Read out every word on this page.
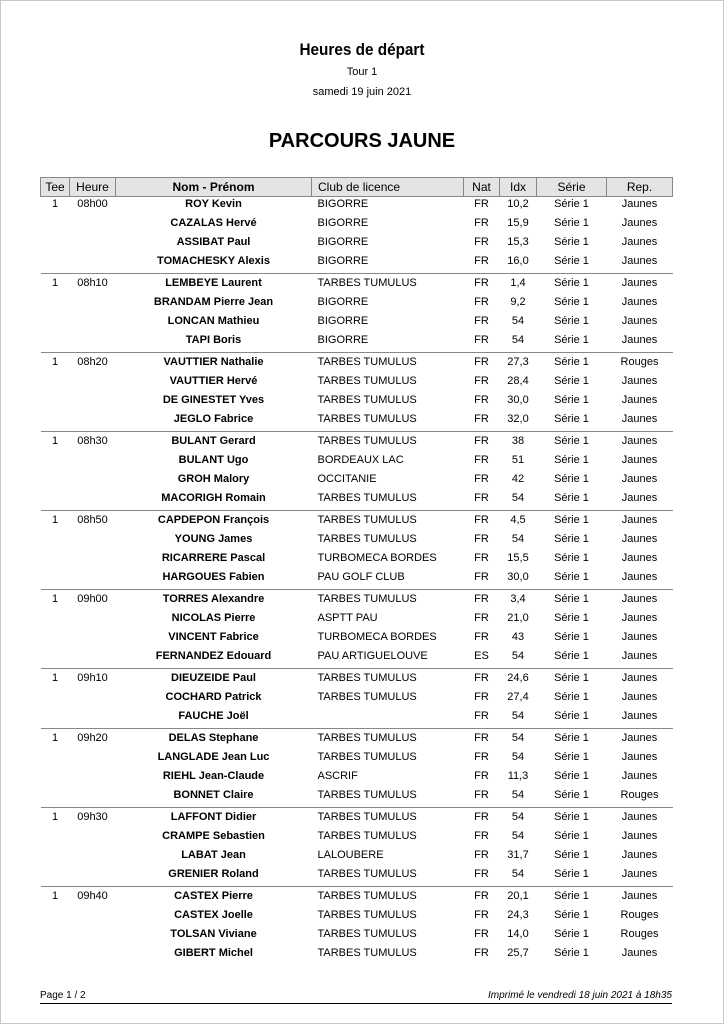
Heures de départ
Tour 1
samedi 19 juin 2021
PARCOURS JAUNE
Tee	Heure	Nom - Prénom	Club de licence	Nat	Idx	Série	Rep.
1	08h00	ROY Kevin	BIGORRE	FR	10,2	Série 1	Jaunes
		CAZALAS Hervé	BIGORRE	FR	15,9	Série 1	Jaunes
		ASSIBAT Paul	BIGORRE	FR	15,3	Série 1	Jaunes
		TOMACHESKY Alexis	BIGORRE	FR	16,0	Série 1	Jaunes
1	08h10	LEMBEYE Laurent	TARBES TUMULUS	FR	1,4	Série 1	Jaunes
		BRANDAM Pierre Jean	BIGORRE	FR	9,2	Série 1	Jaunes
		LONCAN Mathieu	BIGORRE	FR	54	Série 1	Jaunes
		TAPI Boris	BIGORRE	FR	54	Série 1	Jaunes
1	08h20	VAUTTIER Nathalie	TARBES TUMULUS	FR	27,3	Série 1	Rouges
		VAUTTIER Hervé	TARBES TUMULUS	FR	28,4	Série 1	Jaunes
		DE GINESTET Yves	TARBES TUMULUS	FR	30,0	Série 1	Jaunes
		JEGLO Fabrice	TARBES TUMULUS	FR	32,0	Série 1	Jaunes
1	08h30	BULANT Gerard	TARBES TUMULUS	FR	38	Série 1	Jaunes
		BULANT Ugo	BORDEAUX LAC	FR	51	Série 1	Jaunes
		GROH Malory	OCCITANIE	FR	42	Série 1	Jaunes
		MACORIGH Romain	TARBES TUMULUS	FR	54	Série 1	Jaunes
1	08h50	CAPDEPON François	TARBES TUMULUS	FR	4,5	Série 1	Jaunes
		YOUNG James	TARBES TUMULUS	FR	54	Série 1	Jaunes
		RICARRERE Pascal	TURBOMECA BORDES	FR	15,5	Série 1	Jaunes
		HARGOUES Fabien	PAU GOLF CLUB	FR	30,0	Série 1	Jaunes
1	09h00	TORRES Alexandre	TARBES TUMULUS	FR	3,4	Série 1	Jaunes
		NICOLAS Pierre	ASPTT PAU	FR	21,0	Série 1	Jaunes
		VINCENT Fabrice	TURBOMECA BORDES	FR	43	Série 1	Jaunes
		FERNANDEZ Edouard	PAU ARTIGUELOUVE	ES	54	Série 1	Jaunes
1	09h10	DIEUZEIDE Paul	TARBES TUMULUS	FR	24,6	Série 1	Jaunes
		COCHARD Patrick	TARBES TUMULUS	FR	27,4	Série 1	Jaunes
		FAUCHE Joël		FR	54	Série 1	Jaunes
1	09h20	DELAS Stephane	TARBES TUMULUS	FR	54	Série 1	Jaunes
		LANGLADE Jean Luc	TARBES TUMULUS	FR	54	Série 1	Jaunes
		RIEHL Jean-Claude	ASCRIF	FR	11,3	Série 1	Jaunes
		BONNET Claire	TARBES TUMULUS	FR	54	Série 1	Rouges
1	09h30	LAFFONT Didier	TARBES TUMULUS	FR	54	Série 1	Jaunes
		CRAMPE Sebastien	TARBES TUMULUS	FR	54	Série 1	Jaunes
		LABAT Jean	LALOUBERE	FR	31,7	Série 1	Jaunes
		GRENIER Roland	TARBES TUMULUS	FR	54	Série 1	Jaunes
1	09h40	CASTEX Pierre	TARBES TUMULUS	FR	20,1	Série 1	Jaunes
		CASTEX Joelle	TARBES TUMULUS	FR	24,3	Série 1	Rouges
		TOLSAN Viviane	TARBES TUMULUS	FR	14,0	Série 1	Rouges
		GIBERT Michel	TARBES TUMULUS	FR	25,7	Série 1	Jaunes
Page 1 / 2	Imprimé le vendredi 18 juin 2021 à 18h35
